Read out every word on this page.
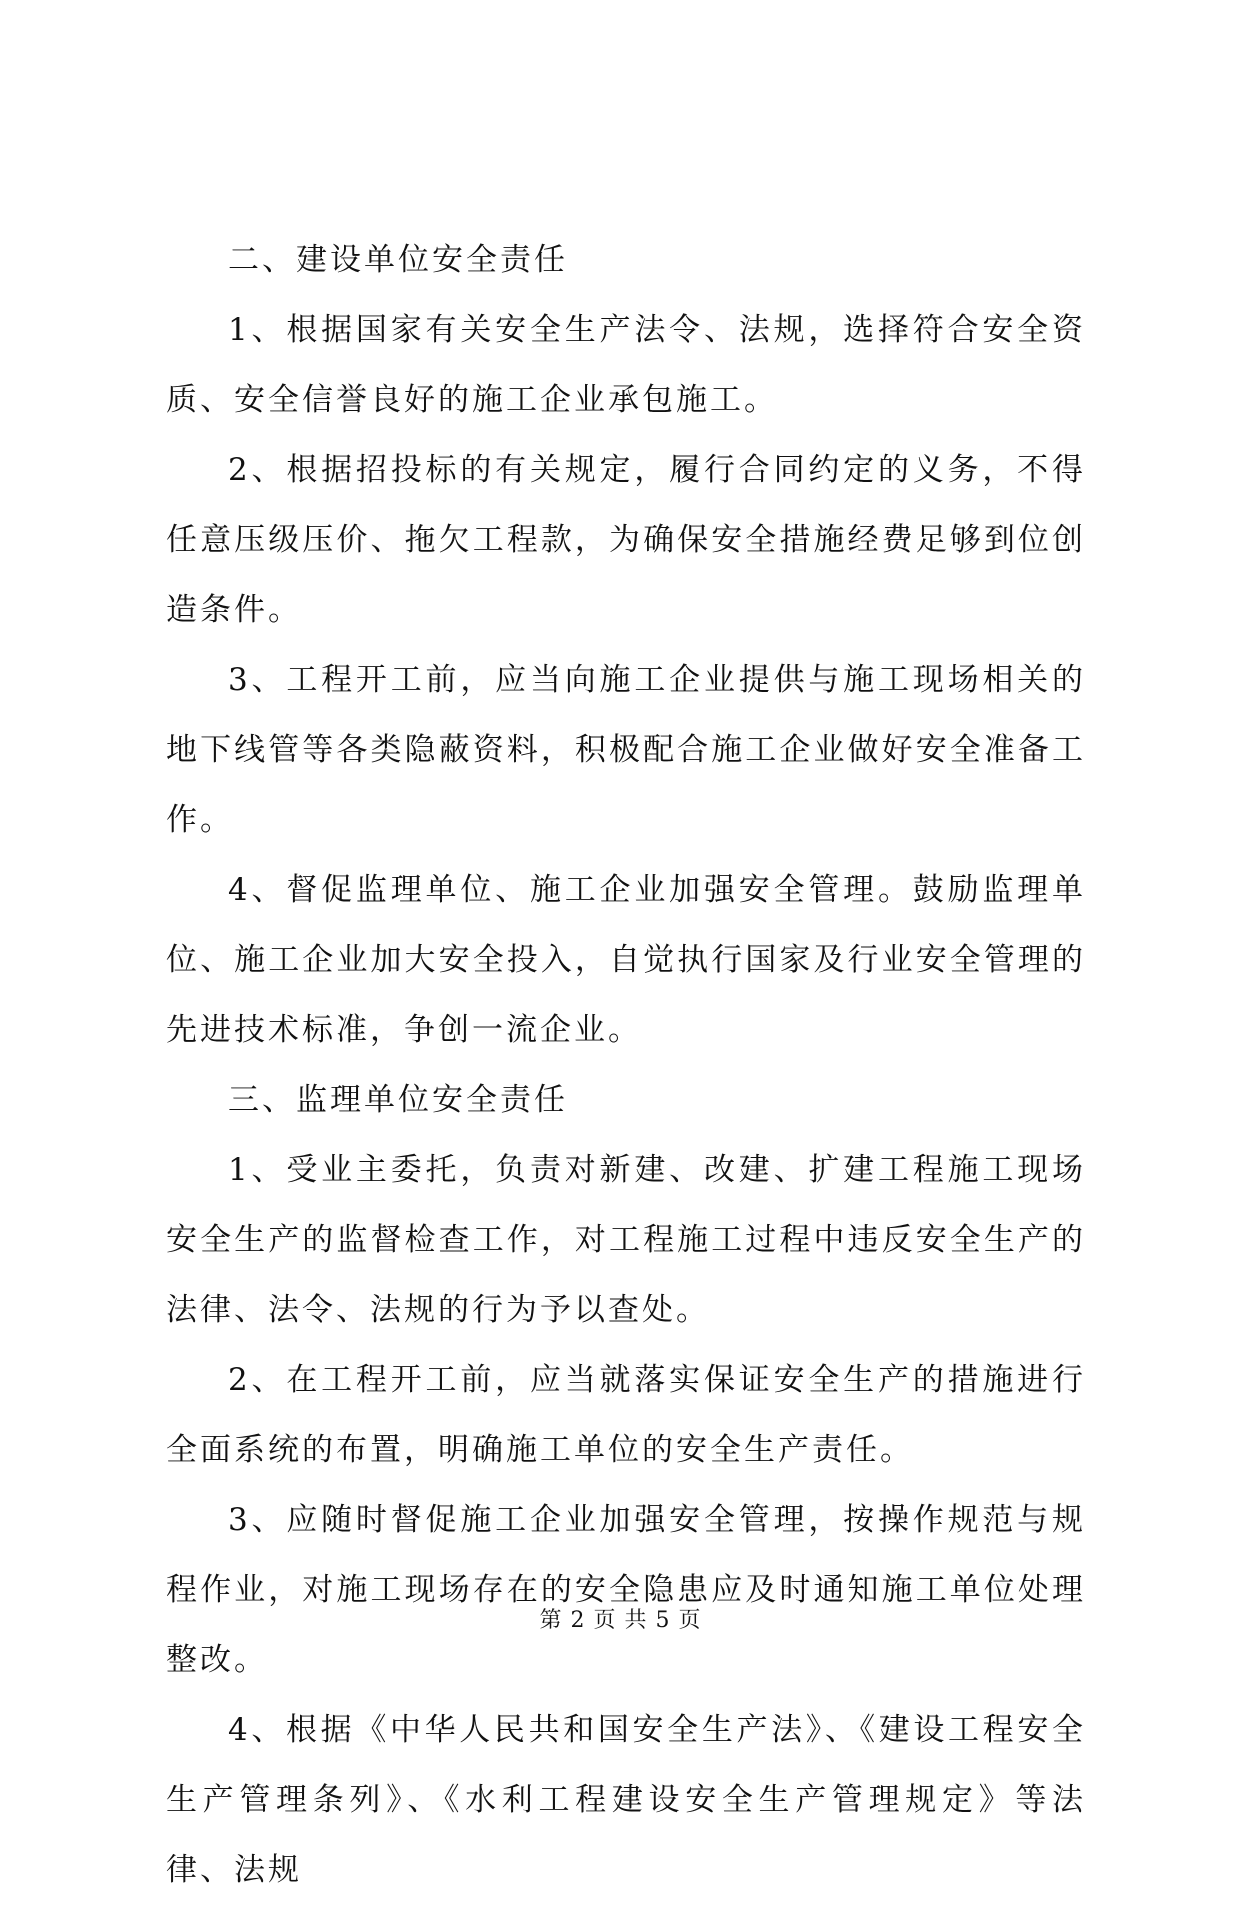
二、建设单位安全责任

1、根据国家有关安全生产法令、法规，选择符合安全资质、安全信誉良好的施工企业承包施工。

2、根据招投标的有关规定，履行合同约定的义务，不得任意压级压价、拖欠工程款，为确保安全措施经费足够到位创造条件。

3、工程开工前，应当向施工企业提供与施工现场相关的地下线管等各类隐蔽资料，积极配合施工企业做好安全准备工作。

4、督促监理单位、施工企业加强安全管理。鼓励监理单位、施工企业加大安全投入，自觉执行国家及行业安全管理的先进技术标准，争创一流企业。

三、监理单位安全责任

1、受业主委托，负责对新建、改建、扩建工程施工现场安全生产的监督检查工作，对工程施工过程中违反安全生产的法律、法令、法规的行为予以查处。

2、在工程开工前，应当就落实保证安全生产的措施进行全面系统的布置，明确施工单位的安全生产责任。

3、应随时督促施工企业加强安全管理，按操作规范与规程作业，对施工现场存在的安全隐患应及时通知施工单位处理整改。

4、根据《中华人民共和国安全生产法》、《建设工程安全生产管理条列》、《水利工程建设安全生产管理规定》等法律、法规

第 2 页 共 5 页
